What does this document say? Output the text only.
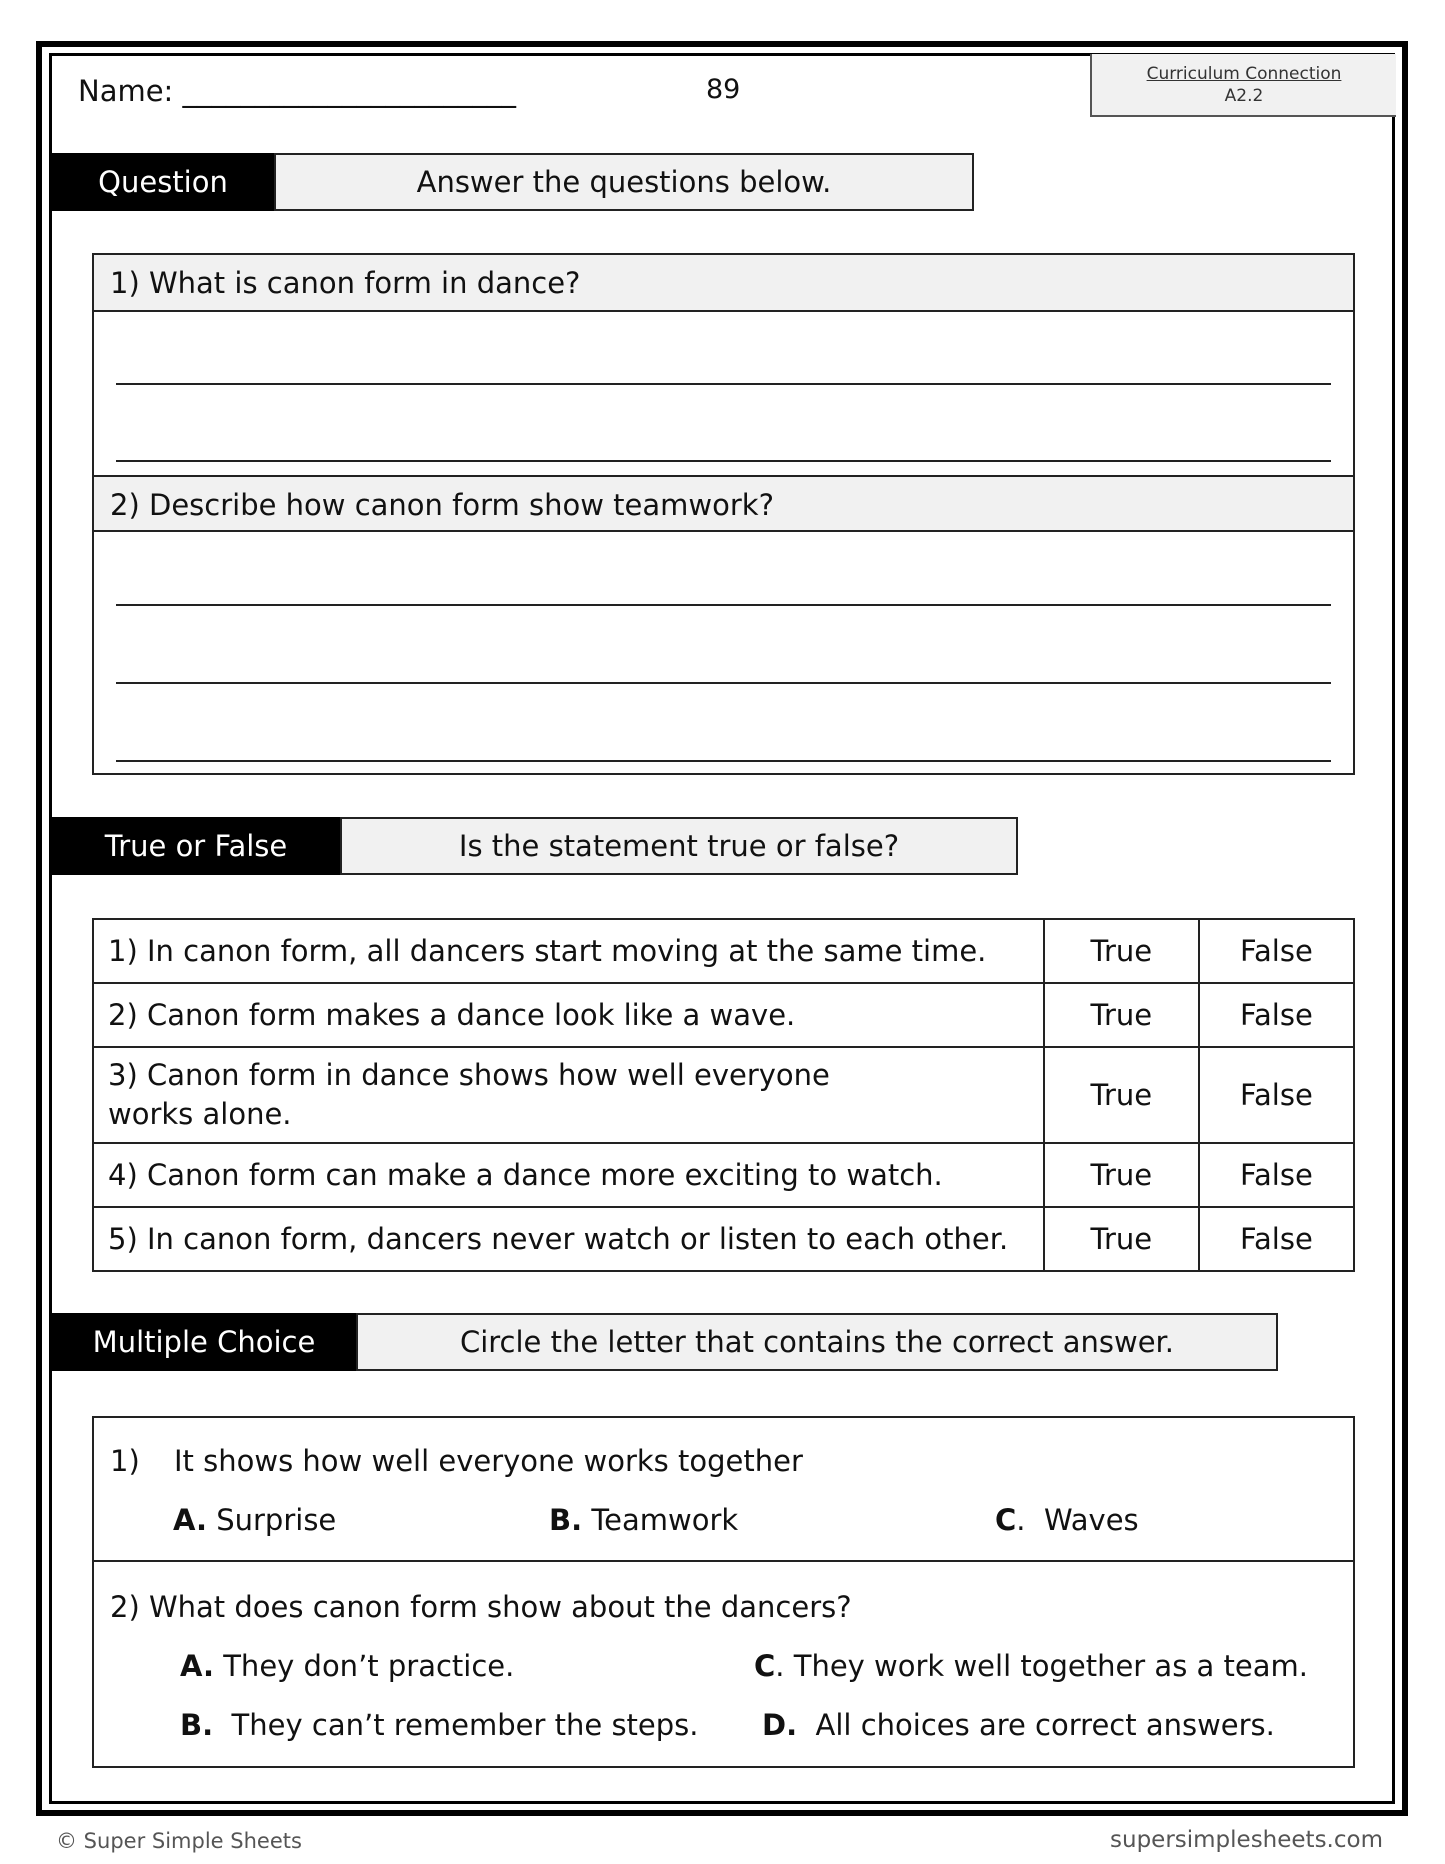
Name: _______________________	89	Curriculum Connection
A2.2
Question	Answer the questions below.
1) What is canon form in dance?
2) Describe how canon form show teamwork?
True or False	Is the statement true or false?
1) In canon form, all dancers start moving at the same time.	True	False
2) Canon form makes a dance look like a wave.	True	False
3) Canon form in dance shows how well everyone works alone.	True	False
4) Canon form can make a dance more exciting to watch.	True	False
5) In canon form, dancers never watch or listen to each other.	True	False
Multiple Choice	Circle the letter that contains the correct answer.
1) It shows how well everyone works together
A. Surprise	B. Teamwork	C.  Waves
2) What does canon form show about the dancers?
A. They don’t practice.	C. They work well together as a team.
B.  They can’t remember the steps. D.  All choices are correct answers.
© Super Simple Sheets	supersimplesheets.com
